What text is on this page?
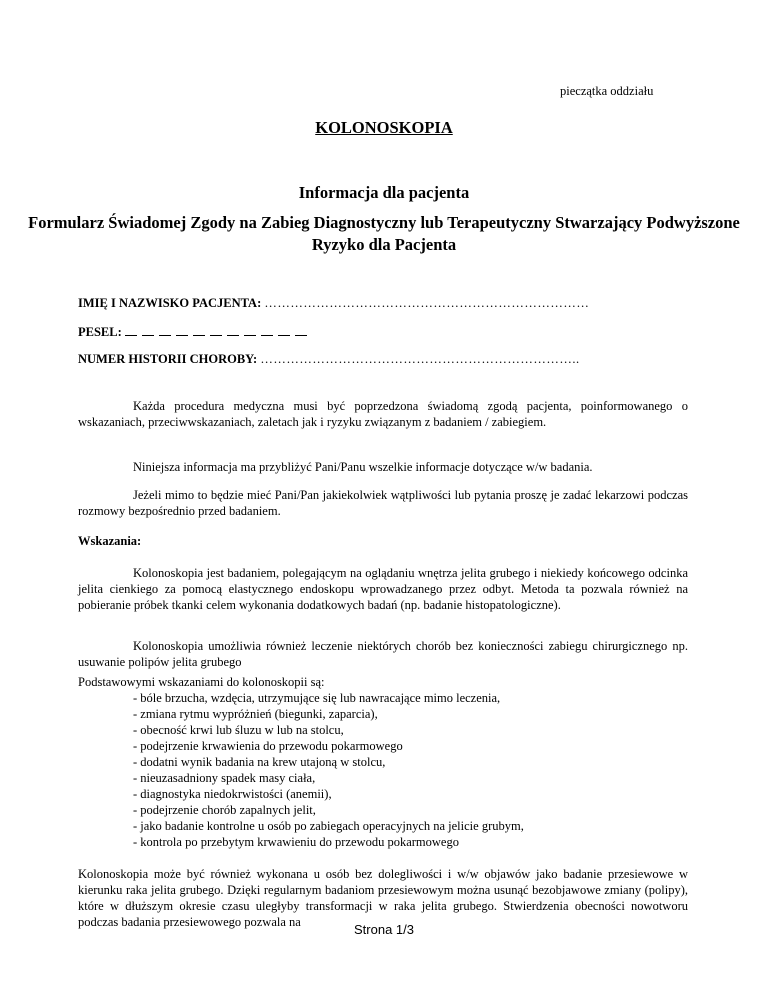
pieczątka oddziału
KOLONOSKOPIA
Informacja dla pacjenta
Formularz Świadomej Zgody na Zabieg Diagnostyczny lub Terapeutyczny Stwarzający Podwyższone Ryzyko dla Pacjenta
IMIĘ I NAZWISKO PACJENTA: …………………………………………………………………
PESEL:
NUMER HISTORII CHOROBY: ………………………………………………………………..
Każda procedura medyczna musi być poprzedzona świadomą zgodą pacjenta, poinformowanego o wskazaniach, przeciwwskazaniach, zaletach jak i ryzyku związanym z badaniem / zabiegiem.
Niniejsza informacja ma przybliżyć Pani/Panu wszelkie informacje dotyczące w/w badania.
Jeżeli mimo to będzie mieć Pani/Pan jakiekolwiek wątpliwości lub pytania proszę je zadać lekarzowi podczas rozmowy bezpośrednio przed badaniem.
Wskazania:
Kolonoskopia jest badaniem, polegającym na oglądaniu wnętrza jelita grubego i niekiedy końcowego odcinka jelita cienkiego za pomocą elastycznego endoskopu wprowadzanego przez odbyt. Metoda ta pozwala również na pobieranie próbek tkanki celem wykonania dodatkowych badań (np. badanie histopatologiczne).
Kolonoskopia umożliwia również leczenie niektórych chorób bez konieczności zabiegu chirurgicznego np. usuwanie polipów jelita grubego
Podstawowymi wskazaniami do kolonoskopii są:
- bóle brzucha, wzdęcia, utrzymujące się lub nawracające mimo leczenia,
- zmiana rytmu wypróżnień (biegunki, zaparcia),
- obecność krwi lub śluzu w lub na stolcu,
- podejrzenie krwawienia do przewodu pokarmowego
- dodatni wynik badania na krew utajoną w stolcu,
- nieuzasadniony spadek masy ciała,
- diagnostyka niedokrwistości (anemii),
- podejrzenie chorób zapalnych jelit,
- jako badanie kontrolne u osób po zabiegach operacyjnych na jelicie grubym,
- kontrola po przebytym krwawieniu do przewodu pokarmowego
Kolonoskopia może być również wykonana u osób bez dolegliwości i w/w objawów jako badanie przesiewowe w kierunku raka jelita grubego. Dzięki regularnym badaniom przesiewowym można usunąć bezobjawowe zmiany (polipy), które w dłuższym okresie czasu uległyby transformacji w raka jelita grubego. Stwierdzenia obecności nowotworu podczas badania przesiewowego pozwala na	Strona 1/3
